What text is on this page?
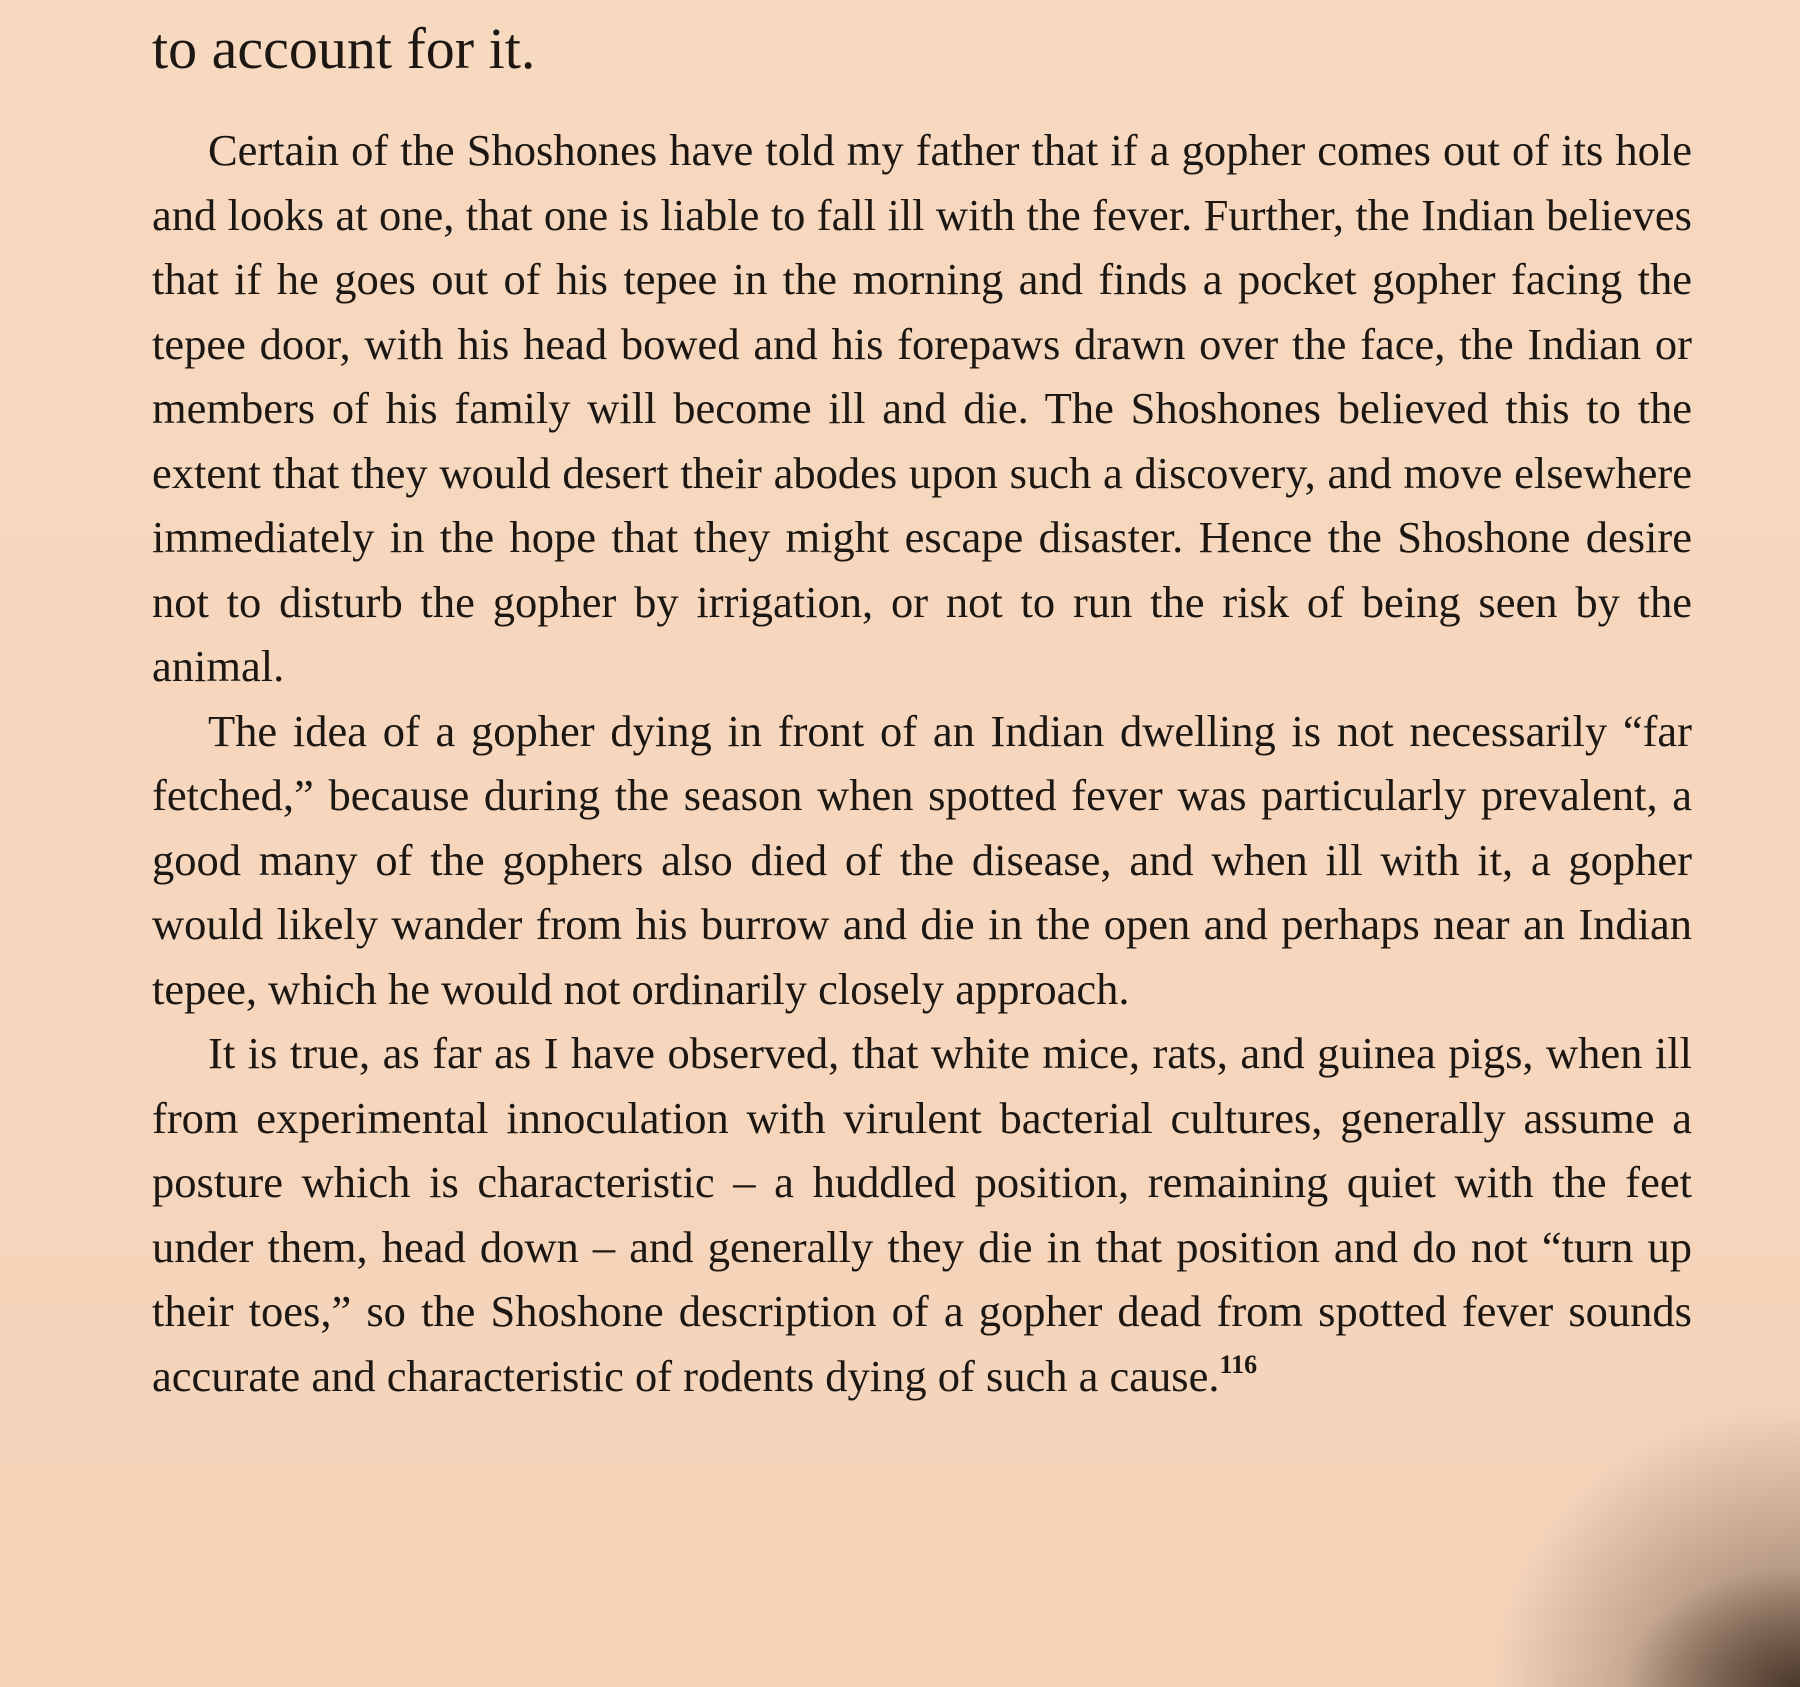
to account for it.

Certain of the Shoshones have told my father that if a gopher comes out of its hole and looks at one, that one is liable to fall ill with the fever. Further, the Indian believes that if he goes out of his tepee in the morning and finds a pocket gopher facing the tepee door, with his head bowed and his forepaws drawn over the face, the Indian or members of his family will become ill and die. The Shoshones believed this to the extent that they would desert their abodes upon such a discovery, and move elsewhere immediately in the hope that they might escape disaster. Hence the Shoshone desire not to disturb the gopher by irrigation, or not to run the risk of being seen by the animal.

The idea of a gopher dying in front of an Indian dwelling is not necessarily “far fetched,” because during the season when spotted fever was particularly prevalent, a good many of the gophers also died of the disease, and when ill with it, a gopher would likely wander from his burrow and die in the open and perhaps near an Indian tepee, which he would not ordinarily closely approach.

It is true, as far as I have observed, that white mice, rats, and guinea pigs, when ill from experimental innoculation with virulent bacterial cultures, generally assume a posture which is characteristic – a huddled position, remaining quiet with the feet under them, head down – and generally they die in that position and do not “turn up their toes,” so the Shoshone description of a gopher dead from spotted fever sounds accurate and characteristic of rodents dying of such a cause.$^{116}$
